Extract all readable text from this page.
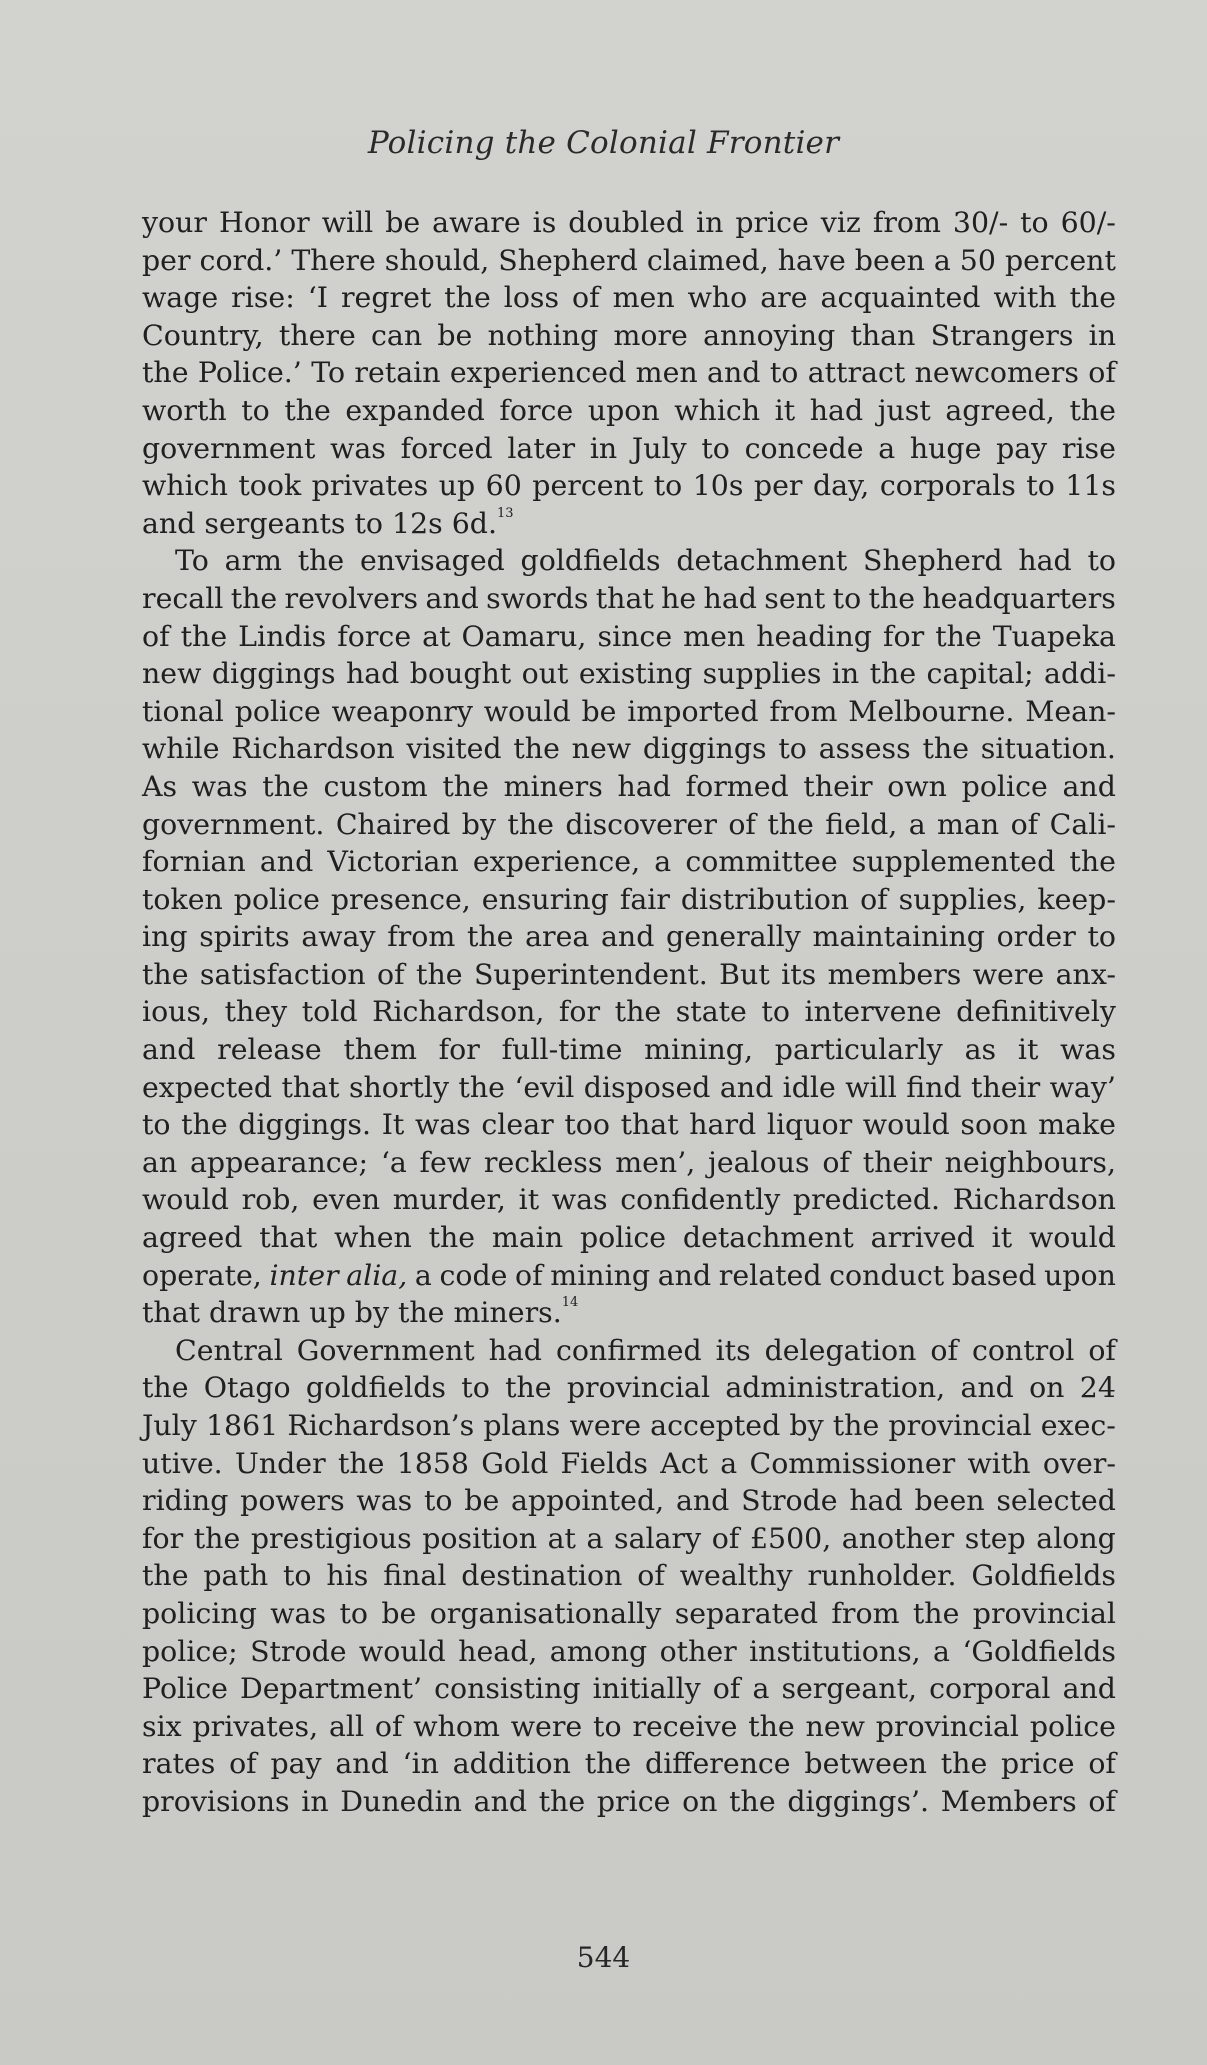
Policing the Colonial Frontier
your Honor will be aware is doubled in price viz from 30/- to 60/-
per cord.’ There should, Shepherd claimed, have been a 50 percent
wage rise: ‘I regret the loss of men who are acquainted with the
Country, there can be nothing more annoying than Strangers in
the Police.’ To retain experienced men and to attract newcomers of
worth to the expanded force upon which it had just agreed, the
government was forced later in July to concede a huge pay rise
which took privates up 60 percent to 10s per day, corporals to 11s
and sergeants to 12s 6d.$^{13}$
To arm the envisaged goldfields detachment Shepherd had to
recall the revolvers and swords that he had sent to the headquarters
of the Lindis force at Oamaru, since men heading for the Tuapeka
new diggings had bought out existing supplies in the capital; addi-
tional police weaponry would be imported from Melbourne. Mean-
while Richardson visited the new diggings to assess the situation.
As was the custom the miners had formed their own police and
government. Chaired by the discoverer of the field, a man of Cali-
fornian and Victorian experience, a committee supplemented the
token police presence, ensuring fair distribution of supplies, keep-
ing spirits away from the area and generally maintaining order to
the satisfaction of the Superintendent. But its members were anx-
ious, they told Richardson, for the state to intervene definitively
and release them for full-time mining, particularly as it was
expected that shortly the ‘evil disposed and idle will find their way’
to the diggings. It was clear too that hard liquor would soon make
an appearance; ‘a few reckless men’, jealous of their neighbours,
would rob, even murder, it was confidently predicted. Richardson
agreed that when the main police detachment arrived it would
operate, inter alia, a code of mining and related conduct based upon
that drawn up by the miners.$^{14}$
Central Government had confirmed its delegation of control of
the Otago goldfields to the provincial administration, and on 24
July 1861 Richardson’s plans were accepted by the provincial exec-
utive. Under the 1858 Gold Fields Act a Commissioner with over-
riding powers was to be appointed, and Strode had been selected
for the prestigious position at a salary of £500, another step along
the path to his final destination of wealthy runholder. Goldfields
policing was to be organisationally separated from the provincial
police; Strode would head, among other institutions, a ‘Goldfields
Police Department’ consisting initially of a sergeant, corporal and
six privates, all of whom were to receive the new provincial police
rates of pay and ‘in addition the difference between the price of
provisions in Dunedin and the price on the diggings’. Members of
544
